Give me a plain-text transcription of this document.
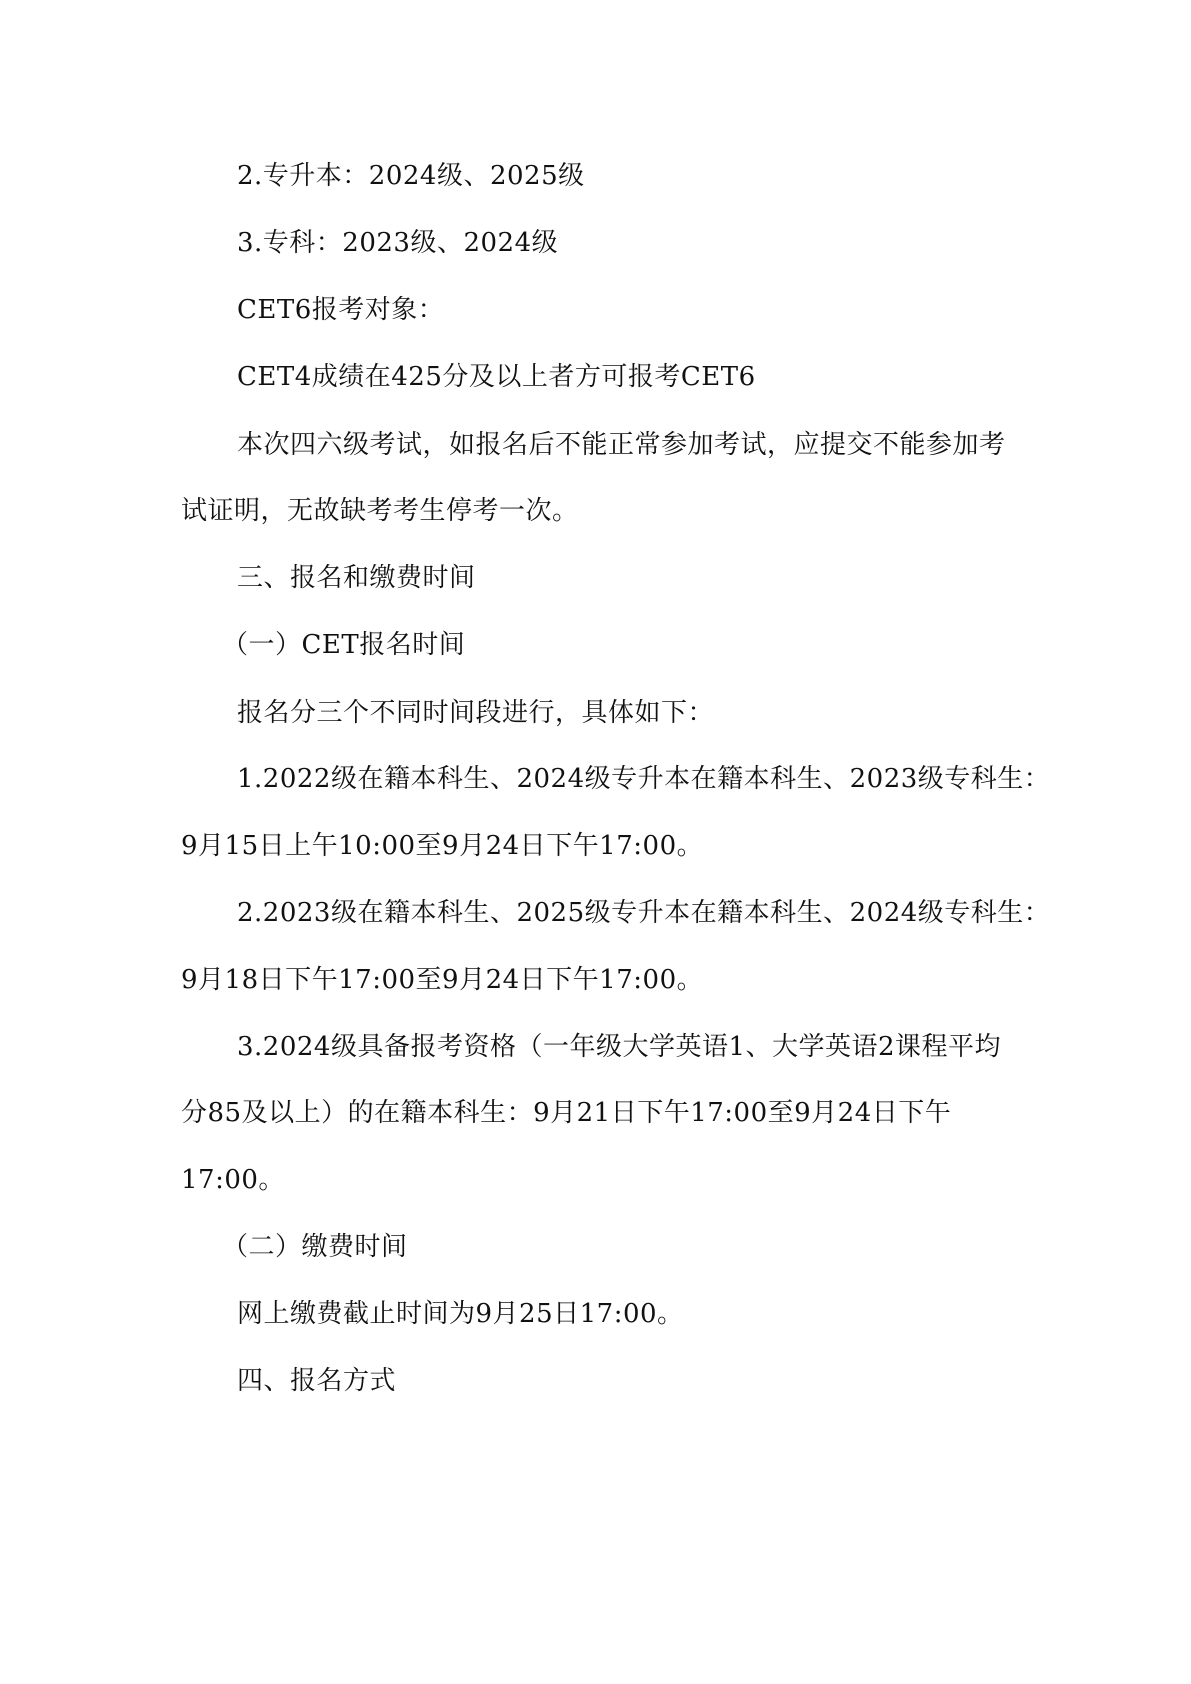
2.专升本：2024级、2025级
3.专科：2023级、2024级
CET6报考对象：
CET4成绩在425分及以上者方可报考CET6
本次四六级考试，如报名后不能正常参加考试，应提交不能参加考
试证明，无故缺考考生停考一次。
三、报名和缴费时间
（一）CET报名时间
报名分三个不同时间段进行，具体如下：
1.2022级在籍本科生、2024级专升本在籍本科生、2023级专科生：
9月15日上午10:00至9月24日下午17:00。
2.2023级在籍本科生、2025级专升本在籍本科生、2024级专科生：
9月18日下午17:00至9月24日下午17:00。
3.2024级具备报考资格（一年级大学英语1、大学英语2课程平均
分85及以上）的在籍本科生：9月21日下午17:00至9月24日下午
17:00。
（二）缴费时间
网上缴费截止时间为9月25日17:00。
四、报名方式
